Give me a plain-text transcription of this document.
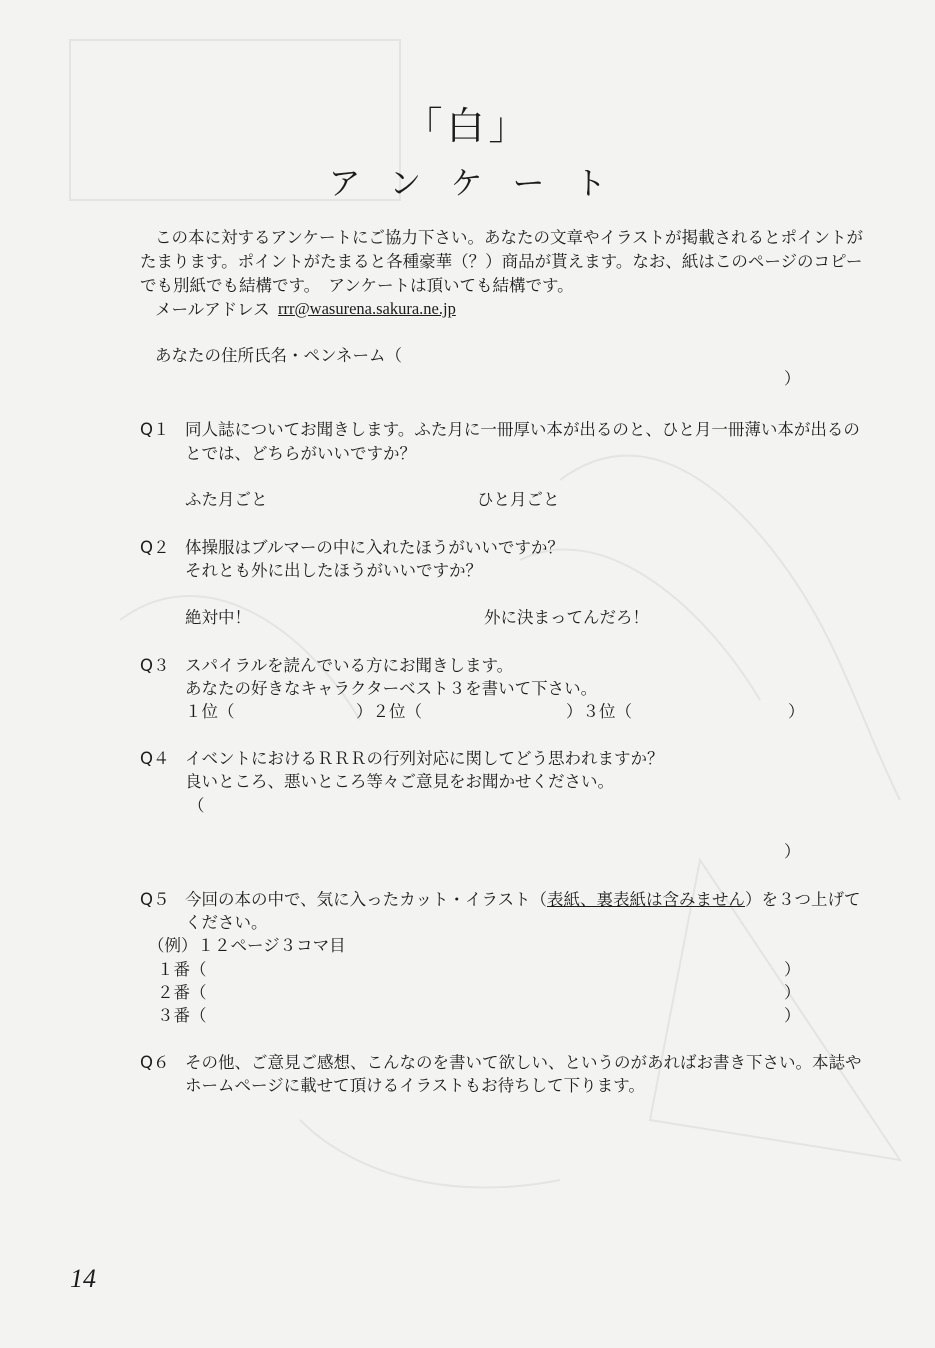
「白」
アンケート
この本に対するアンケートにご協力下さい。あなたの文章やイラストが掲載されるとポイントが
たまります。ポイントがたまると各種豪華（？）商品が貰えます。なお、紙はこのページのコピー
でも別紙でも結構です。　アンケートは頂いても結構です。
メールアドレス rrr@wasurena.sakura.ne.jp
あなたの住所氏名・ペンネーム（
）
Q１ 同人誌についてお聞きします。ふた月に一冊厚い本が出るのと、ひと月一冊薄い本が出るの
とでは、どちらがいいですか？
ふた月ごと	ひと月ごと
Q２ 体操服はブルマーの中に入れたほうがいいですか？
それとも外に出したほうがいいですか？
絶対中！	外に決まってんだろ！
Q３ スパイラルを読んでいる方にお聞きします。
あなたの好きなキャラクターベスト３を書いて下さい。
１位（	）２位（	）３位（	）
Q４ イベントにおけるＲＲＲの行列対応に関してどう思われますか？
良いところ、悪いところ等々ご意見をお聞かせください。
（
）
Q５ 今回の本の中で、気に入ったカット・イラスト（表紙、裏表紙は含みません）を３つ上げて
ください。
（例）１２ページ３コマ目
１番（	）
２番（	）
３番（	）
Q６ その他、ご意見ご感想、こんなのを書いて欲しい、というのがあればお書き下さい。本誌や
ホームページに載せて頂けるイラストもお待ちして下ります。
14
